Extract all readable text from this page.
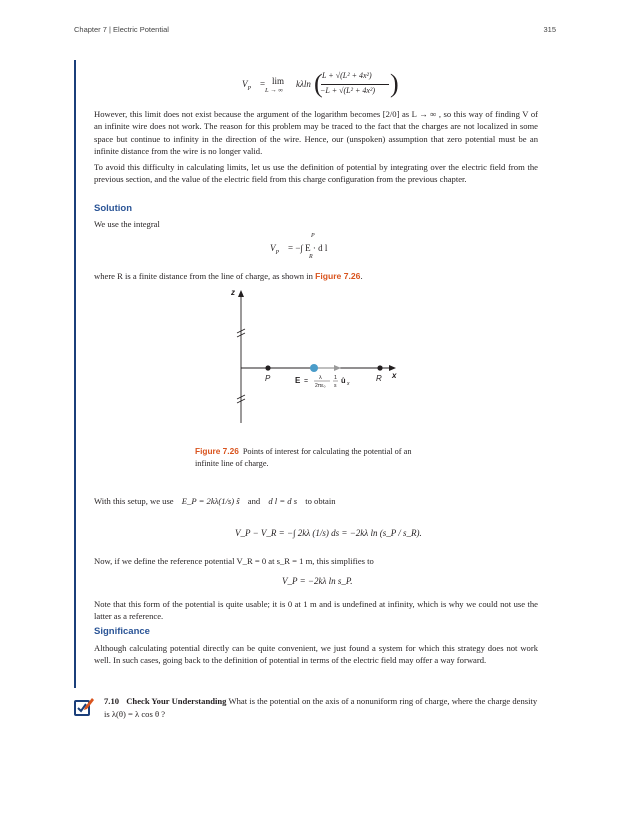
Chapter 7 | Electric Potential	315
$V_P = \lim$
L → ∞
kλln ( L + √(L² + 4x²)
−L + √(L² + 4x²) )

However, this limit does not exist because the argument of the logarithm becomes [2/0] as L → ∞ , so this way of finding V of an infinite wire does not work. The reason for this problem may be traced to the fact that the charges are not localized in some space but continue to infinity in the direction of the wire. Hence, our (unspoken) assumption that zero potential must be an infinite distance from the wire is no longer valid.

To avoid this difficulty in calculating limits, let us use the definition of potential by integrating over the electric field from the previous section, and the value of the electric field from this charge configuration from the previous chapter.

Solution

We use the integral

$V_P$ = −∫ E · d l
P
R

where R is a finite distance from the line of charge, as shown in Figure 7.26.

z
x
P	R
E = λ
2πε₀
1
s
û x
Figure 7.26 Points of interest for calculating the potential of an infinite line of charge.
With this setup, we use E_P = 2kλ(1/s) ŝ and d l = d s to obtain
V_P − V_R = −∫ 2kλ (1/s) ds = −2kλ ln (s_P / s_R).

Now, if we define the reference potential V_R = 0 at s_R = 1 m, this simplifies to

V_P = −2kλ ln s_P.

Note that this form of the potential is quite usable; it is 0 at 1 m and is undefined at infinity, which is why we could not use the latter as a reference.

Significance

Although calculating potential directly can be quite convenient, we just found a system for which this strategy does not work well. In such cases, going back to the definition of potential in terms of the electric field may offer a way forward.

7.10 Check Your Understanding What is the potential on the axis of a nonuniform ring of charge, where the charge density is λ(θ) = λ cos θ ?
